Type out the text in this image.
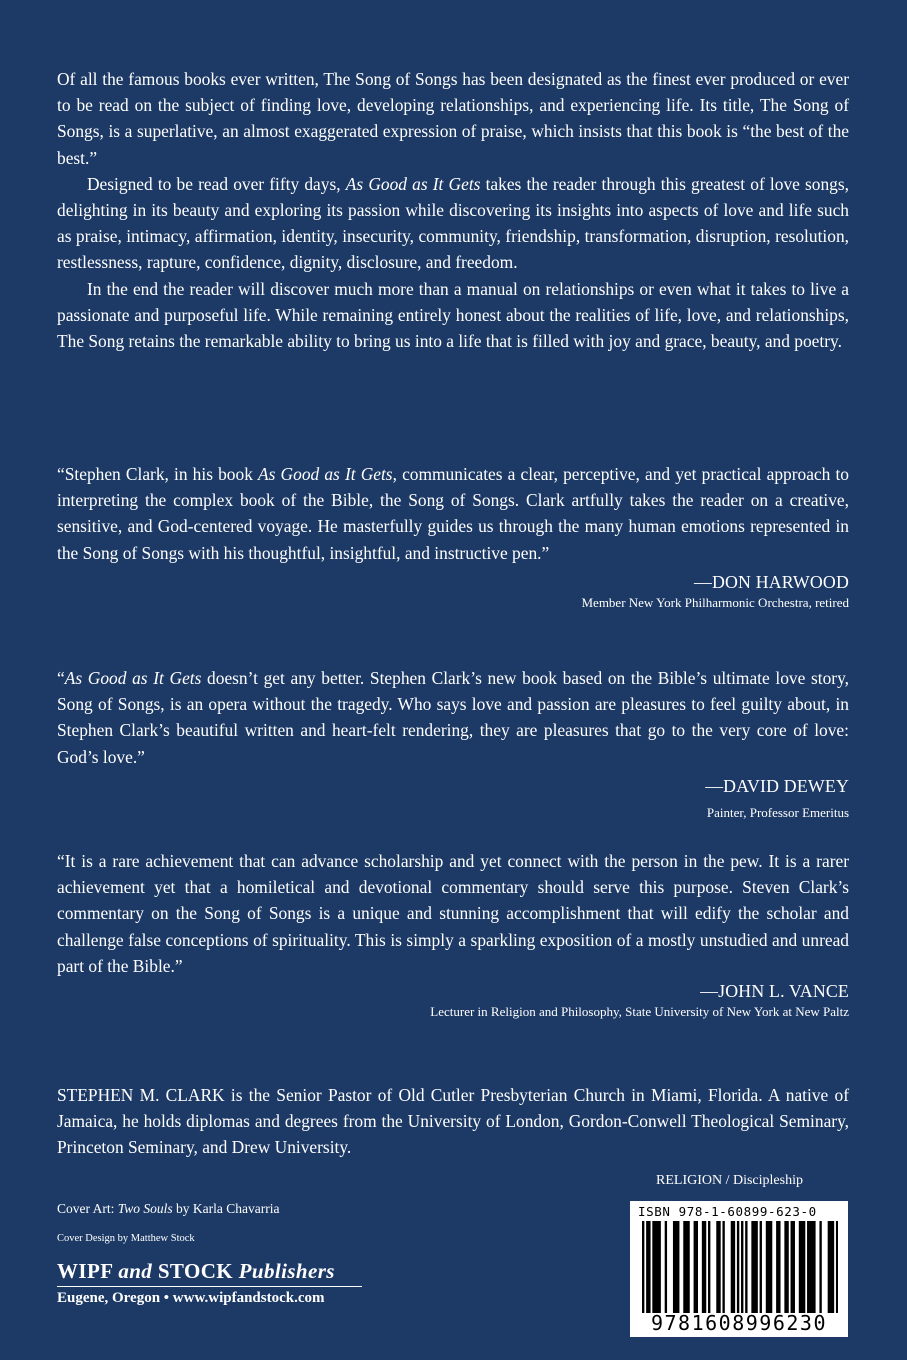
Of all the famous books ever written, The Song of Songs has been designated as the finest ever produced or ever to be read on the subject of finding love, developing relationships, and experiencing life. Its title, The Song of Songs, is a superlative, an almost exaggerated expression of praise, which insists that this book is “the best of the best.”

Designed to be read over fifty days, As Good as It Gets takes the reader through this greatest of love songs, delighting in its beauty and exploring its passion while discovering its insights into aspects of love and life such as praise, intimacy, affirmation, identity, insecurity, community, friendship, transformation, disruption, resolution, restlessness, rapture, confidence, dignity, disclosure, and freedom.

In the end the reader will discover much more than a manual on relationships or even what it takes to live a passionate and purposeful life. While remaining entirely honest about the realities of life, love, and relationships, The Song retains the remarkable ability to bring us into a life that is filled with joy and grace, beauty, and poetry.

“Stephen Clark, in his book As Good as It Gets, communicates a clear, perceptive, and yet practical approach to interpreting the complex book of the Bible, the Song of Songs. Clark artfully takes the reader on a creative, sensitive, and God-centered voyage. He masterfully guides us through the many human emotions represented in the Song of Songs with his thoughtful, insightful, and instructive pen.”

—DON HARWOOD
Member New York Philharmonic Orchestra, retired

“As Good as It Gets doesn’t get any better. Stephen Clark’s new book based on the Bible’s ultimate love story, Song of Songs, is an opera without the tragedy. Who says love and passion are pleasures to feel guilty about, in Stephen Clark’s beautiful written and heart-felt rendering, they are pleasures that go to the very core of love: God’s love.”

—DAVID DEWEY
Painter, Professor Emeritus

“It is a rare achievement that can advance scholarship and yet connect with the person in the pew. It is a rarer achievement yet that a homiletical and devotional commentary should serve this purpose. Steven Clark’s commentary on the Song of Songs is a unique and stunning accomplishment that will edify the scholar and challenge false conceptions of spirituality. This is simply a sparkling exposition of a mostly unstudied and unread part of the Bible.”

—JOHN L. VANCE
Lecturer in Religion and Philosophy, State University of New York at New Paltz

STEPHEN M. CLARK is the Senior Pastor of Old Cutler Presbyterian Church in Miami, Florida. A native of Jamaica, he holds diplomas and degrees from the University of London, Gordon-Conwell Theological Seminary, Princeton Seminary, and Drew University.

RELIGION / Discipleship
Cover Art: Two Souls by Karla Chavarria
Cover Design by Matthew Stock
WIPF and STOCK Publishers
Eugene, Oregon • www.wipfandstock.com
ISBN 978-1-60899-623-0
9781608996230
